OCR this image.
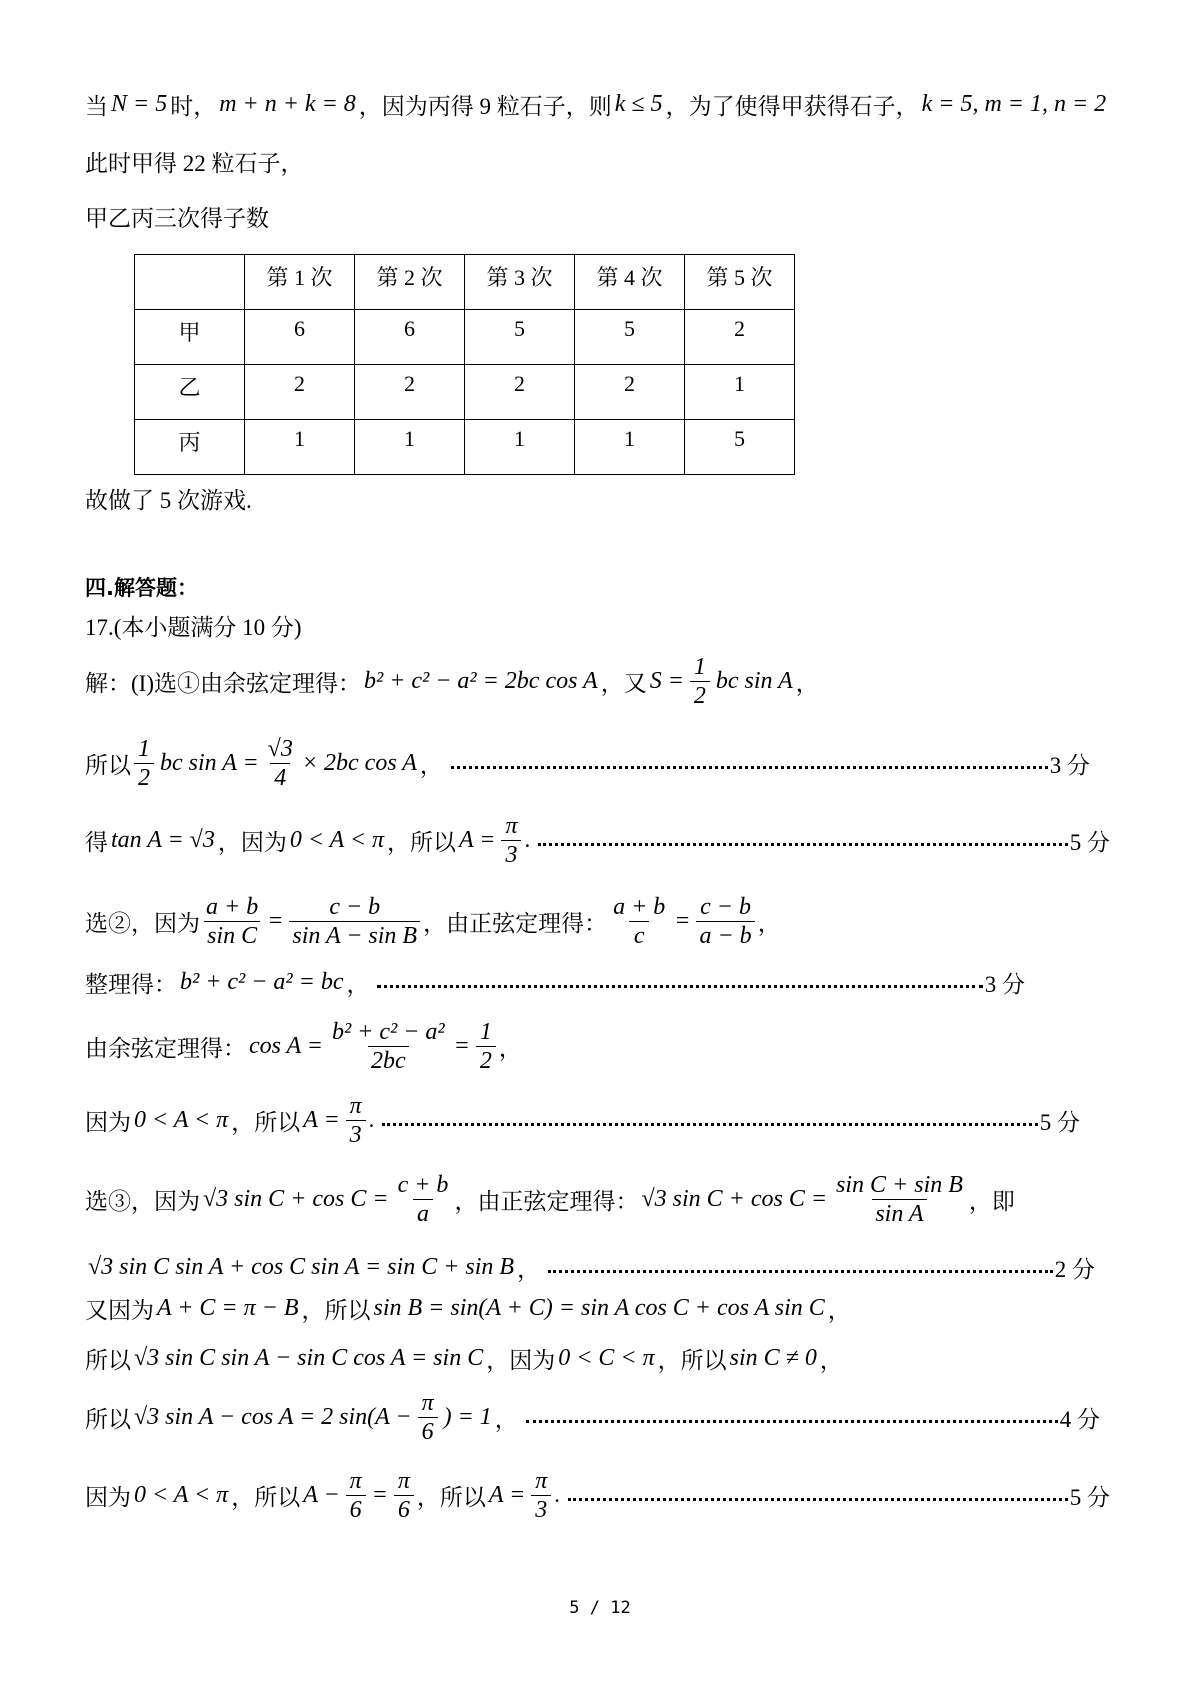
当 N = 5 时， m + n + k = 8 ，因为丙得 9 粒石子，则 k ≤ 5 ，为了使得甲获得石子， k = 5, m = 1, n = 2
此时甲得 22 粒石子，
甲乙丙三次得子数
	第 1 次	第 2 次	第 3 次	第 4 次	第 5 次
甲	6	6	5	5	2
乙	2	2	2	2	1
丙	1	1	1	1	5
故做了 5 次游戏.
四.解答题：
17.(本小题满分 10 分)
解：(I)选①由余弦定理得： b² + c² − a² = 2bc cos A ，又 $S = \frac{1}{2}$ bc sin A ，
所以 $\frac{1}{2}$ bc $\sin A = \frac{√3}{4} \times 2bc$ cos A ，	3 分
得 tan A = √3 ，因为 0 < A < π ，所以 $A = \frac{\pi}{3}$ .	5 分
选②，因为 $\frac{a + b}{\text{sin C}} = \frac{c - b}{\text{sin A − sin B}}$ ，由正弦定理得： $\frac{a + b}{c} = \frac{c - b}{a - b}$ ，
整理得： b² + c² − a² = bc ，	3 分
由余弦定理得： $\cos A = \frac{\text{b² + c² − a²}}{2bc} = \frac{1}{2}$ ，
因为 0 < A < π ，所以 $A = \frac{\pi}{3}$ .	5 分
选③，因为 √3 $\sin C + \cos C = \frac{c + b}{a}$ ，由正弦定理得： √3 $\sin C + \cos C = \frac{\text{sin C + sin B}}{\text{sin A}}$ ，即
√3 sin C sin A + cos C sin A = sin C + sin B ，	2 分
又因为 A + C = π − B ，所以 sin B = sin(A + C) = sin A cos C + cos A sin C ，
所以 √3 sin C sin A − sin C cos A = sin C ，因为 0 < C < π ，所以 sin C ≠ 0 ，
所以 √3 sin A − cos A = 2 $\sin(A - \frac{\pi}{6}$ ) = 1 ，	4 分
因为 0 < A < π ，所以 $A - \frac{\pi}{6} = \frac{\pi}{6}$ ，所以 $A = \frac{\pi}{3}$ .	5 分
5 / 12
